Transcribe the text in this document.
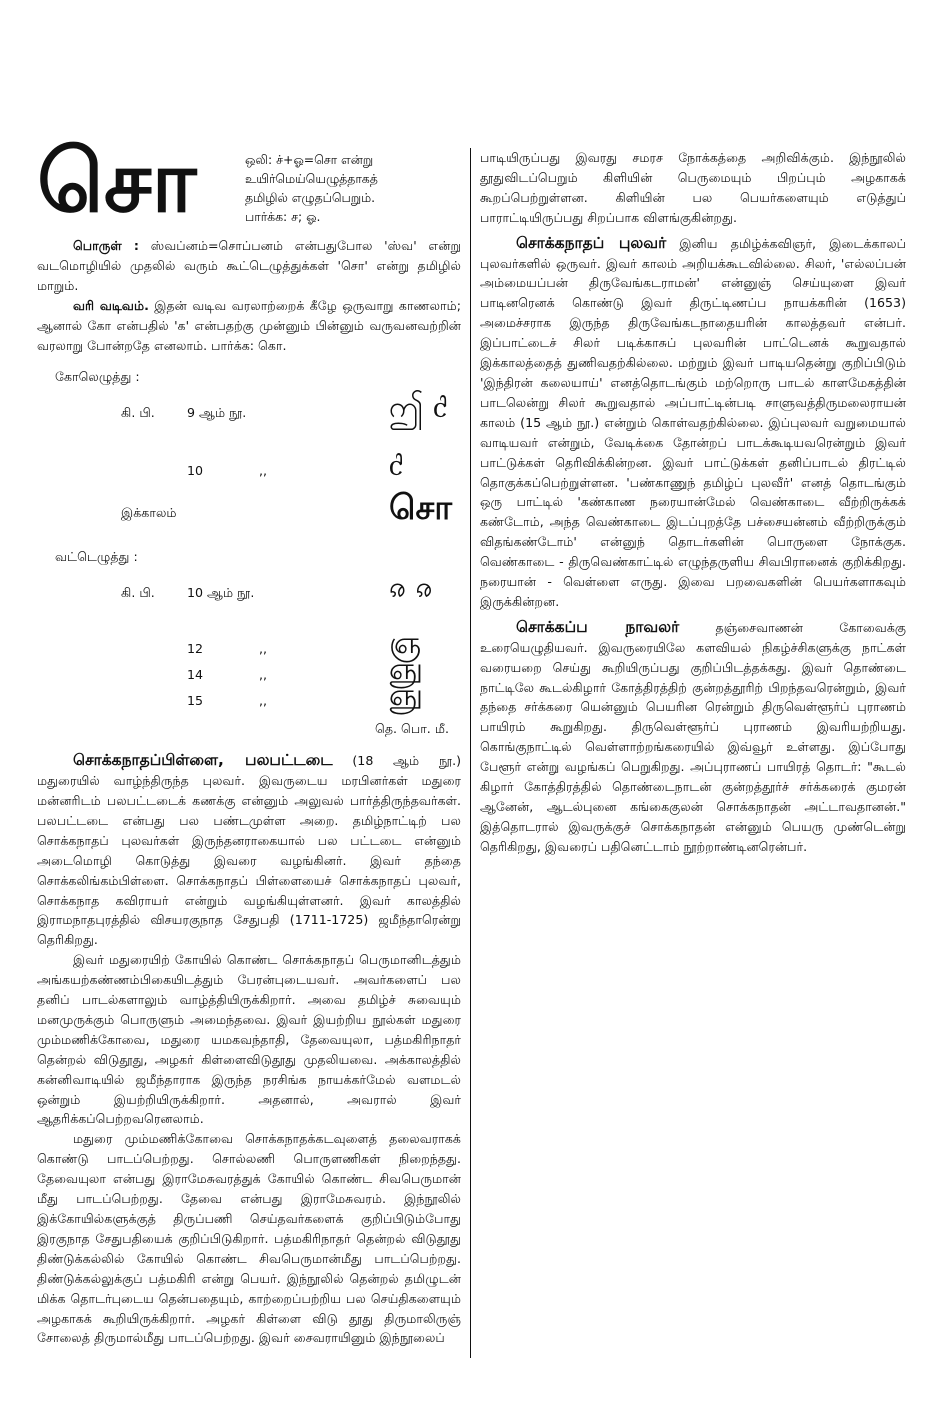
சொ	ஒலி: ச்+ஓ=சொ என்று
உயிர்மெய்யெழுத்தாகத்
தமிழில் எழுதப்பெறும்.
பார்க்க: ச; ஓ.

பொருள் : ஸ்வப்னம்=சொப்பனம் என்பதுபோல 'ஸ்வ' என்று வடமொழியில் முதலில் வரும் கூட்டெழுத்துக்கள் 'சொ' என்று தமிழில் மாறும்.

வரி வடிவம். இதன் வடிவ வரலாற்றைக் கீழே ஒருவாறு காணலாம்; ஆனால் கோ என்பதில் 'க' என்பதற்கு முன்னும் பின்னும் வருவனவற்றின் வரலாறு போன்றதே எனலாம். பார்க்க: கொ.

கோலெழுத்து :
கி. பி.	9 ஆம் நூ.	ဤ ᦺ
10	,,	ᦺ
இக்காலம்	சொ
வட்டெழுத்து :
கி. பி.	10 ஆம் நூ.	ၷ ၷ
12	,,	ஞ
14	,,	ஞு
15	,,	ஞு
தெ. பொ. மீ.

சொக்கநாதப்பிள்ளை, பலபட்டடை (18 ஆம் நூ.) மதுரையில் வாழ்ந்திருந்த புலவர். இவருடைய மரபினர்கள் மதுரை மன்னரிடம் பலபட்டடைக் கணக்கு என்னும் அலுவல் பார்த்திருந்தவர்கள். பலபட்டடை என்பது பல பண்டமுள்ள அறை. தமிழ்நாட்டிற் பல சொக்கநாதப் புலவர்கள் இருந்தனராகையால் பல பட்டடை என்னும் அடைமொழி கொடுத்து இவரை வழங்கினர். இவர் தந்தை சொக்கலிங்கம்பிள்ளை. சொக்கநாதப் பிள்ளையைச் சொக்கநாதப் புலவர், சொக்கநாத கவிராயர் என்றும் வழங்கியுள்ளனர். இவர் காலத்தில் இராமநாதபுரத்தில் விசயரகுநாத சேதுபதி (1711-1725) ஜமீந்தாரென்று தெரிகிறது.

இவர் மதுரையிற் கோயில் கொண்ட சொக்கநாதப் பெருமானிடத்தும் அங்கயற்கண்ணம்பிகையிடத்தும் பேரன்புடையவர். அவர்களைப் பல தனிப் பாடல்களாலும் வாழ்த்தியிருக்கிறார். அவை தமிழ்ச் சுவையும் மனமுருக்கும் பொருளும் அமைந்தவை. இவர் இயற்றிய நூல்கள் மதுரை மும்மணிக்கோவை, மதுரை யமகவந்தாதி, தேவையுலா, பத்மகிரிநாதர் தென்றல் விடுதூது, அழகர் கிள்ளைவிடுதூது முதலியவை. அக்காலத்தில் கன்னிவாடியில் ஜமீந்தாராக இருந்த நரசிங்க நாயக்கர்மேல் வளமடல் ஒன்றும் இயற்றியிருக்கிறார். அதனால், அவரால் இவர் ஆதரிக்கப்பெற்றவரெனலாம்.

மதுரை மும்மணிக்கோவை சொக்கநாதக்கடவுளைத் தலைவராகக் கொண்டு பாடப்பெற்றது. சொல்லணி பொருளணிகள் நிறைந்தது. தேவையுலா என்பது இராமேசுவரத்துக் கோயில் கொண்ட சிவபெருமான் மீது பாடப்பெற்றது. தேவை என்பது இராமேசுவரம். இந்நூலில் இக்கோயில்களுக்குத் திருப்பணி செய்தவர்களைக் குறிப்பிடும்போது இரகுநாத சேதுபதியைக் குறிப்பிடுகிறார். பத்மகிரிநாதர் தென்றல் விடுதூது திண்டுக்கல்லில் கோயில் கொண்ட சிவபெருமான்மீது பாடப்பெற்றது. திண்டுக்கல்லுக்குப் பத்மகிரி என்று பெயர். இந்நூலில் தென்றல் தமிழுடன் மிக்க தொடர்புடைய தென்பதையும், காற்றைப்பற்றிய பல செய்திகளையும் அழகாகக் கூறியிருக்கிறார். அழகர் கிள்ளை விடு தூது திருமாலிருஞ் சோலைத் திருமால்மீது பாடப்பெற்றது. இவர் சைவராயினும் இந்நூலைப்

பாடியிருப்பது இவரது சமரச நோக்கத்தை அறிவிக்கும். இந்நூலில் தூதுவிடப்பெறும் கிளியின் பெருமையும் பிறப்பும் அழகாகக் கூறப்பெற்றுள்ளன. கிளியின் பல பெயர்களையும் எடுத்துப் பாராட்டியிருப்பது சிறப்பாக விளங்குகின்றது.

சொக்கநாதப் புலவர் இனிய தமிழ்க்கவிஞர், இடைக்காலப் புலவர்களில் ஒருவர். இவர் காலம் அறியக்கூடவில்லை. சிலர், 'எல்லப்பன் அம்மையப்பன் திருவேங்கடராமன்' என்னுஞ் செய்யுளை இவர் பாடினரெனக் கொண்டு இவர் திருட்டிணப்ப நாயக்கரின் (1653) அமைச்சராக இருந்த திருவேங்கடநாதையரின் காலத்தவர் என்பர். இப்பாட்டைச் சிலர் படிக்காசுப் புலவரின் பாட்டெனக் கூறுவதால் இக்காலத்தைத் துணிவதற்கில்லை. மற்றும் இவர் பாடியதென்று குறிப்பிடும் 'இந்திரன் கலையாய்' எனத்தொடங்கும் மற்றொரு பாடல் காளமேகத்தின் பாடலென்று சிலர் கூறுவதால் அப்பாட்டின்படி சாளுவத்திருமலைராயன் காலம் (15 ஆம் நூ.) என்றும் கொள்வதற்கில்லை. இப்புலவர் வறுமையால் வாடியவர் என்றும், வேடிக்கை தோன்றப் பாடக்கூடியவரென்றும் இவர் பாட்டுக்கள் தெரிவிக்கின்றன. இவர் பாட்டுக்கள் தனிப்பாடல் திரட்டில் தொகுக்கப்பெற்றுள்ளன. 'பண்காணுந் தமிழ்ப் புலவீர்' எனத் தொடங்கும் ஒரு பாட்டில் 'கண்காண நரையான்மேல் வெண்காடை வீற்றிருக்கக் கண்டோம், அந்த வெண்காடை இடப்புறத்தே பச்சையன்னம் வீற்றிருக்கும் விதங்கண்டோம்' என்னுந் தொடர்களின் பொருளை நோக்குக. வெண்காடை - திருவெண்காட்டில் எழுந்தருளிய சிவபிரானைக் குறிக்கிறது. நரையான் - வெள்ளை எருது. இவை பறவைகளின் பெயர்களாகவும் இருக்கின்றன.

சொக்கப்ப நாவலர் தஞ்சைவாணன் கோவைக்கு உரையெழுதியவர். இவருரையிலே களவியல் நிகழ்ச்சிகளுக்கு நாட்கள் வரையறை செய்து கூறியிருப்பது குறிப்பிடத்தக்கது. இவர் தொண்டை நாட்டிலே கூடல்கிழார் கோத்திரத்திற் குன்றத்தூரிற் பிறந்தவரென்றும், இவர் தந்தை சர்க்கரை யென்னும் பெயரின ரென்றும் திருவெள்ளூர்ப் புராணம் பாயிரம் கூறுகிறது. திருவெள்ளூர்ப் புராணம் இவரியற்றியது. கொங்குநாட்டில் வெள்ளாற்றங்கரையில் இவ்வூர் உள்ளது. இப்போது பேளூர் என்று வழங்கப் பெறுகிறது. அப்புராணப் பாயிரத் தொடர்: "கூடல் கிழார் கோத்திரத்தில் தொண்டைநாடன் குன்றத்தூர்ச் சர்க்கரைக் குமரன் ஆனேன், ஆடல்புனை கங்கைகுலன் சொக்கநாதன் அட்டாவதானன்." இத்தொடரால் இவருக்குச் சொக்கநாதன் என்னும் பெயரு முண்டென்று தெரிகிறது, இவரைப் பதினெட்டாம் நூற்றாண்டினரென்பர்.
